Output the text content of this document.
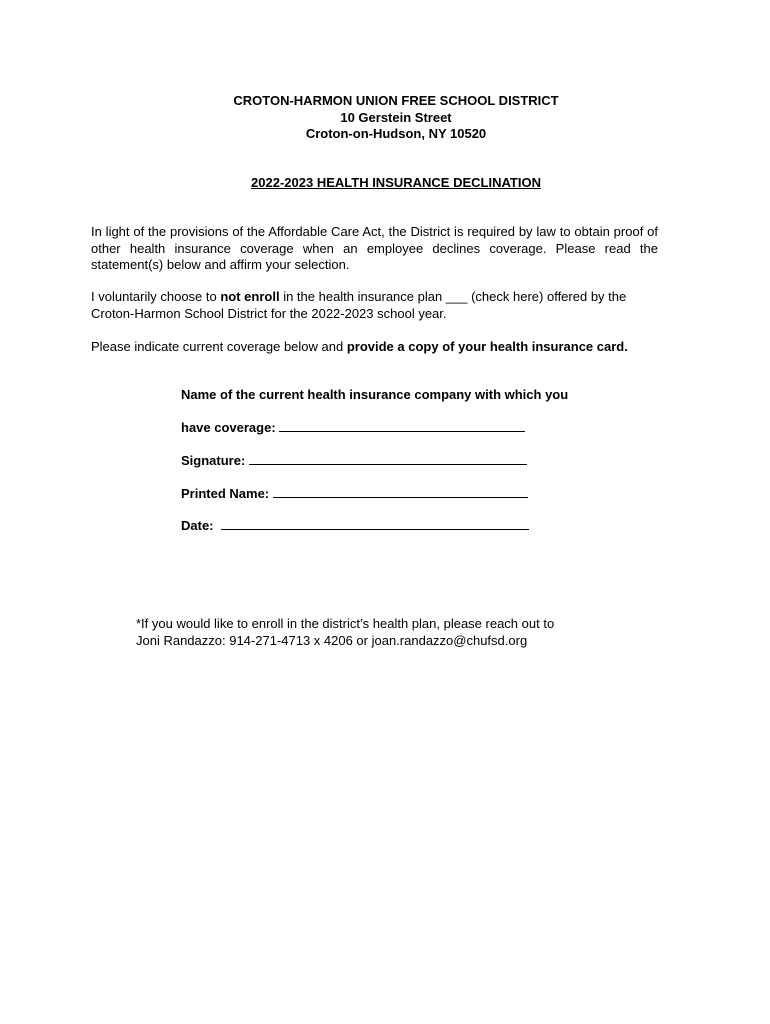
CROTON-HARMON UNION FREE SCHOOL DISTRICT
10 Gerstein Street
Croton-on-Hudson, NY 10520
2022-2023 HEALTH INSURANCE DECLINATION
In light of the provisions of the Affordable Care Act, the District is required by law to obtain proof of other health insurance coverage when an employee declines coverage. Please read the statement(s) below and affirm your selection.
I voluntarily choose to not enroll in the health insurance plan ___ (check here) offered by the Croton-Harmon School District for the 2022-2023 school year.
Please indicate current coverage below and provide a copy of your health insurance card.
Name of the current health insurance company with which you
have coverage:
Signature:
Printed Name:
Date:
*If you would like to enroll in the district’s health plan, please reach out to
Joni Randazzo: 914-271-4713 x 4206 or joan.randazzo@chufsd.org
